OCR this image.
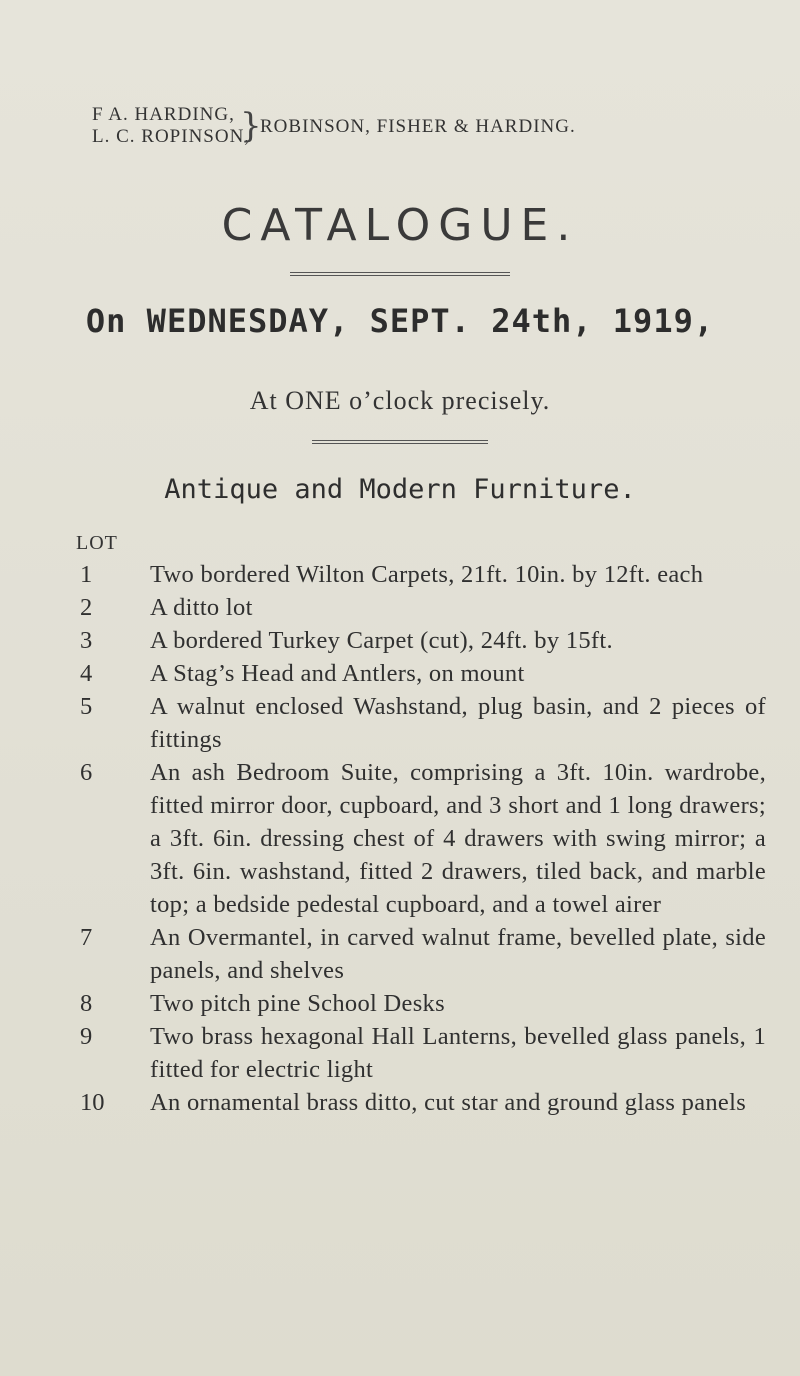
F A. HARDING,
L. C. ROPINSON,
}
ROBINSON, FISHER & HARDING.
CATALOGUE.
On WEDNESDAY, SEPT. 24th, 1919,
At ONE o’clock precisely.
Antique and Modern Furniture.
LOT
1	Two bordered Wilton Carpets, 21ft. 10in. by 12ft. each
2	A ditto lot
3	A bordered Turkey Carpet (cut), 24ft. by 15ft.
4	A Stag’s Head and Antlers, on mount
5	A walnut enclosed Washstand, plug basin, and 2 pieces of fittings
6	An ash Bedroom Suite, comprising a 3ft. 10in. wardrobe, fitted mirror door, cupboard, and 3 short and 1 long drawers; a 3ft. 6in. dressing chest of 4 drawers with swing mirror; a 3ft. 6in. washstand, fitted 2 drawers, tiled back, and marble top; a bedside pedestal cupboard, and a towel airer
7	An Overmantel, in carved walnut frame, bevelled plate, side panels, and shelves
8	Two pitch pine School Desks
9	Two brass hexagonal Hall Lanterns, bevelled glass panels, 1 fitted for electric light
10	An ornamental brass ditto, cut star and ground glass panels
